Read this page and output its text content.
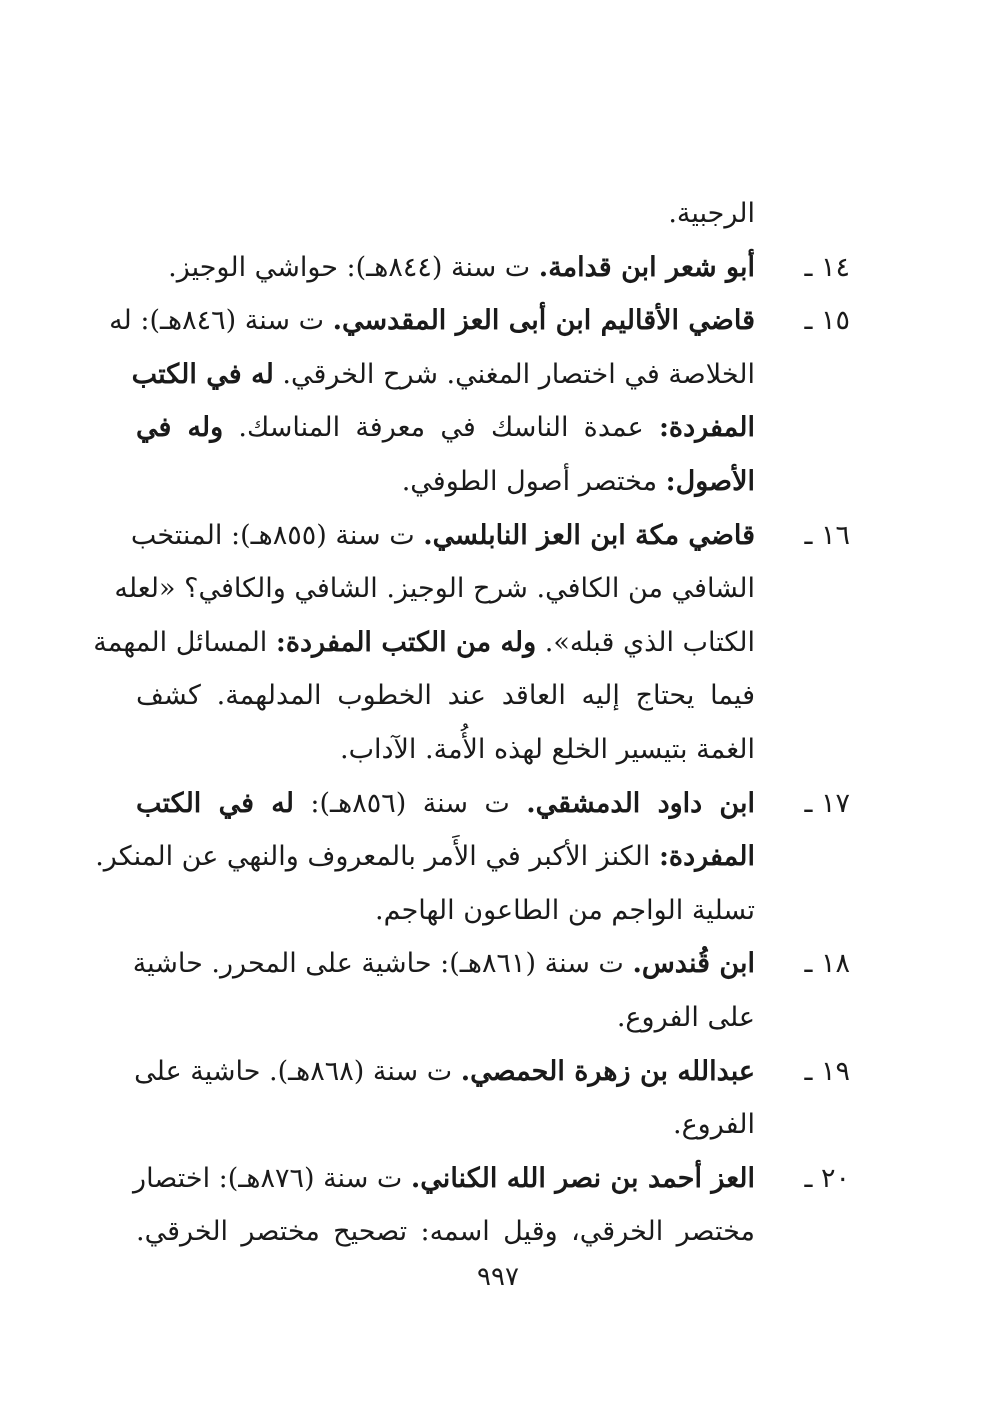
الرجبية.
١٤ ـ
أبو شعر ابن قدامة. ت سنة (٨٤٤هـ): حواشي الوجيز.
١٥ ـ
قاضي الأقاليم ابن أبى العز المقدسي. ت سنة (٨٤٦هـ): له
الخلاصة في اختصار المغني. شرح الخرقي. له في الكتب
المفردة: عمدة الناسك في معرفة المناسك. وله في
الأصول: مختصر أصول الطوفي.
١٦ ـ
قاضي مكة ابن العز النابلسي. ت سنة (٨٥٥هـ): المنتخب
الشافي من الكافي. شرح الوجيز. الشافي والكافي؟ «لعله
الكتاب الذي قبله». وله من الكتب المفردة: المسائل المهمة
فيما يحتاج إليه العاقد عند الخطوب المدلهمة. كشف
الغمة بتيسير الخلع لهذه الأُمة. الآداب.
١٧ ـ
ابن داود الدمشقي. ت سنة (٨٥٦هـ): له في الكتب
المفردة: الكنز الأكبر في الأَمر بالمعروف والنهي عن المنكر.
تسلية الواجم من الطاعون الهاجم.
١٨ ـ
ابن قُندس. ت سنة (٨٦١هـ): حاشية على المحرر. حاشية
على الفروع.
١٩ ـ
عبدالله بن زهرة الحمصي. ت سنة (٨٦٨هـ). حاشية على
الفروع.
٢٠ ـ
العز أحمد بن نصر الله الكناني. ت سنة (٨٧٦هـ): اختصار
مختصر الخرقي، وقيل اسمه: تصحيح مختصر الخرقي.
٩٩٧
